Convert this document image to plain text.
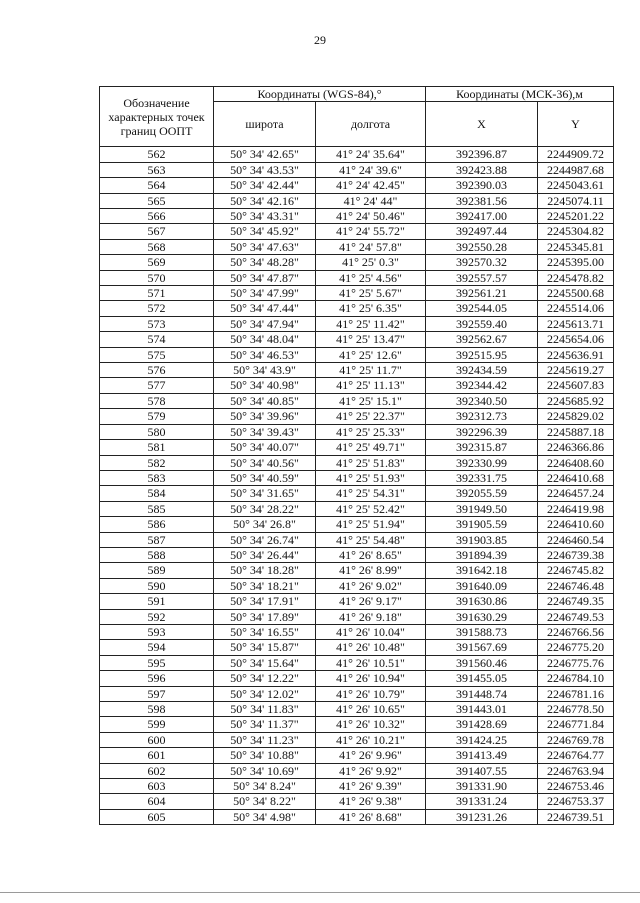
29
Обозначение характерных точек границ ООПТ	Координаты (WGS-84),°		Координаты (МСК-36),м	
	широта	долгота	X	Y
562	50° 34' 42.65"	41° 24' 35.64"	392396.87	2244909.72
563	50° 34' 43.53"	41° 24' 39.6"	392423.88	2244987.68
564	50° 34' 42.44"	41° 24' 42.45"	392390.03	2245043.61
565	50° 34' 42.16"	41° 24' 44"	392381.56	2245074.11
566	50° 34' 43.31"	41° 24' 50.46"	392417.00	2245201.22
567	50° 34' 45.92"	41° 24' 55.72"	392497.44	2245304.82
568	50° 34' 47.63"	41° 24' 57.8"	392550.28	2245345.81
569	50° 34' 48.28"	41° 25' 0.3"	392570.32	2245395.00
570	50° 34' 47.87"	41° 25' 4.56"	392557.57	2245478.82
571	50° 34' 47.99"	41° 25' 5.67"	392561.21	2245500.68
572	50° 34' 47.44"	41° 25' 6.35"	392544.05	2245514.06
573	50° 34' 47.94"	41° 25' 11.42"	392559.40	2245613.71
574	50° 34' 48.04"	41° 25' 13.47"	392562.67	2245654.06
575	50° 34' 46.53"	41° 25' 12.6"	392515.95	2245636.91
576	50° 34' 43.9"	41° 25' 11.7"	392434.59	2245619.27
577	50° 34' 40.98"	41° 25' 11.13"	392344.42	2245607.83
578	50° 34' 40.85"	41° 25' 15.1"	392340.50	2245685.92
579	50° 34' 39.96"	41° 25' 22.37"	392312.73	2245829.02
580	50° 34' 39.43"	41° 25' 25.33"	392296.39	2245887.18
581	50° 34' 40.07"	41° 25' 49.71"	392315.87	2246366.86
582	50° 34' 40.56"	41° 25' 51.83"	392330.99	2246408.60
583	50° 34' 40.59"	41° 25' 51.93"	392331.75	2246410.68
584	50° 34' 31.65"	41° 25' 54.31"	392055.59	2246457.24
585	50° 34' 28.22"	41° 25' 52.42"	391949.50	2246419.98
586	50° 34' 26.8"	41° 25' 51.94"	391905.59	2246410.60
587	50° 34' 26.74"	41° 25' 54.48"	391903.85	2246460.54
588	50° 34' 26.44"	41° 26' 8.65"	391894.39	2246739.38
589	50° 34' 18.28"	41° 26' 8.99"	391642.18	2246745.82
590	50° 34' 18.21"	41° 26' 9.02"	391640.09	2246746.48
591	50° 34' 17.91"	41° 26' 9.17"	391630.86	2246749.35
592	50° 34' 17.89"	41° 26' 9.18"	391630.29	2246749.53
593	50° 34' 16.55"	41° 26' 10.04"	391588.73	2246766.56
594	50° 34' 15.87"	41° 26' 10.48"	391567.69	2246775.20
595	50° 34' 15.64"	41° 26' 10.51"	391560.46	2246775.76
596	50° 34' 12.22"	41° 26' 10.94"	391455.05	2246784.10
597	50° 34' 12.02"	41° 26' 10.79"	391448.74	2246781.16
598	50° 34' 11.83"	41° 26' 10.65"	391443.01	2246778.50
599	50° 34' 11.37"	41° 26' 10.32"	391428.69	2246771.84
600	50° 34' 11.23"	41° 26' 10.21"	391424.25	2246769.78
601	50° 34' 10.88"	41° 26' 9.96"	391413.49	2246764.77
602	50° 34' 10.69"	41° 26' 9.92"	391407.55	2246763.94
603	50° 34' 8.24"	41° 26' 9.39"	391331.90	2246753.46
604	50° 34' 8.22"	41° 26' 9.38"	391331.24	2246753.37
605	50° 34' 4.98"	41° 26' 8.68"	391231.26	2246739.51
